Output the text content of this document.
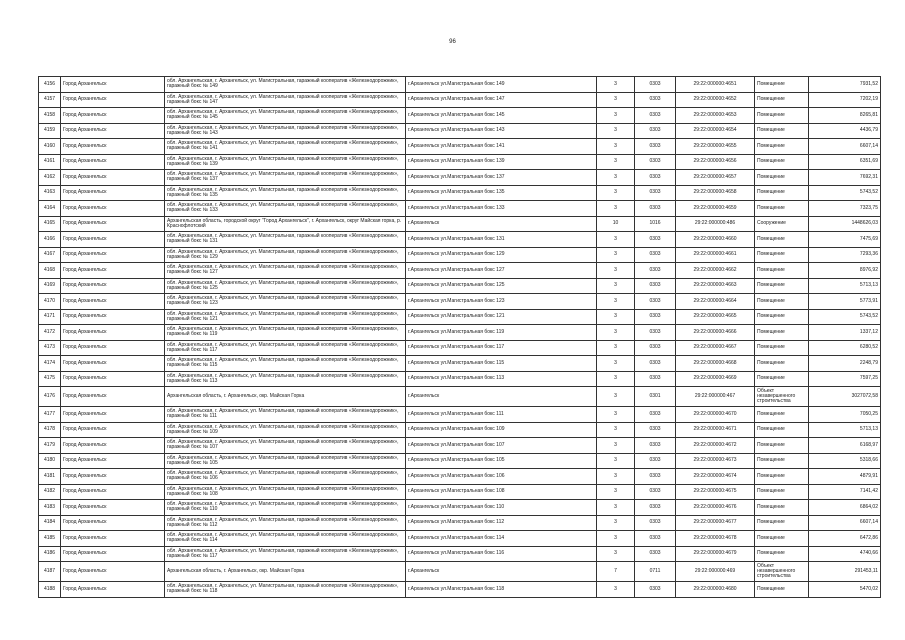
96
4156	Город Архангельск	обл. Архангельская, г. Архангельск, ул. Магистральная, гаражный кооператив «Железнодорожник», гаражный бокс № 149	г.Архангельск ул.Магистральная бокс 149	3	0303	29:22:000000:4651	Помещение	7931,52
4157	Город Архангельск	обл. Архангельская, г. Архангельск, ул. Магистральная, гаражный кооператив «Железнодорожник», гаражный бокс № 147	г.Архангельск ул.Магистральная бокс 147	3	0303	29:22:000000:4652	Помещение	7202,19
4158	Город Архангельск	обл. Архангельская, г. Архангельск, ул. Магистральная, гаражный кооператив «Железнодорожник», гаражный бокс № 145	г.Архангельск ул.Магистральная бокс 145	3	0303	29:22:000000:4653	Помещение	8265,81
4159	Город Архангельск	обл. Архангельская, г. Архангельск, ул. Магистральная, гаражный кооператив «Железнодорожник», гаражный бокс № 143	г.Архангельск ул.Магистральная бокс 143	3	0303	29:22:000000:4654	Помещение	4436,79
4160	Город Архангельск	обл. Архангельская, г. Архангельск, ул. Магистральная, гаражный кооператив «Железнодорожник», гаражный бокс № 141	г.Архангельск ул.Магистральная бокс 141	3	0303	29:22:000000:4655	Помещение	6607,14
4161	Город Архангельск	обл. Архангельская, г. Архангельск, ул. Магистральная, гаражный кооператив «Железнодорожник», гаражный бокс № 139	г.Архангельск ул.Магистральная бокс 139	3	0303	29:22:000000:4656	Помещение	6351,69
4162	Город Архангельск	обл. Архангельская, г. Архангельск, ул. Магистральная, гаражный кооператив «Железнодорожник», гаражный бокс № 137	г.Архангельск ул.Магистральная бокс 137	3	0303	29:22:000000:4657	Помещение	7692,31
4163	Город Архангельск	обл. Архангельская, г. Архангельск, ул. Магистральная, гаражный кооператив «Железнодорожник», гаражный бокс № 135	г.Архангельск ул.Магистральная бокс 135	3	0303	29:22:000000:4658	Помещение	5743,52
4164	Город Архангельск	обл. Архангельская, г. Архангельск, ул. Магистральная, гаражный кооператив «Железнодорожник», гаражный бокс № 133	г.Архангельск ул.Магистральная бокс 133	3	0303	29:22:000000:4659	Помещение	7323,75
4165	Город Архангельск	Архангельская область, городской округ "Город Архангельск", г. Архангельск, округ Майская горка, р. Краснофлотский	г.Архангельск	10	1016	29:22:000000:486	Сооружение	1448626,03
4166	Город Архангельск	обл. Архангельская, г. Архангельск, ул. Магистральная, гаражный кооператив «Железнодорожник», гаражный бокс № 131	г.Архангельск ул.Магистральная бокс 131	3	0303	29:22:000000:4660	Помещение	7475,69
4167	Город Архангельск	обл. Архангельская, г. Архангельск, ул. Магистральная, гаражный кооператив «Железнодорожник», гаражный бокс № 129	г.Архангельск ул.Магистральная бокс 129	3	0303	29:22:000000:4661	Помещение	7293,36
4168	Город Архангельск	обл. Архангельская, г. Архангельск, ул. Магистральная, гаражный кооператив «Железнодорожник», гаражный бокс № 127	г.Архангельск ул.Магистральная бокс 127	3	0303	29:22:000000:4662	Помещение	8976,92
4169	Город Архангельск	обл. Архангельская, г. Архангельск, ул. Магистральная, гаражный кооператив «Железнодорожник», гаражный бокс № 125	г.Архангельск ул.Магистральная бокс 125	3	0303	29:22:000000:4663	Помещение	5713,13
4170	Город Архангельск	обл. Архангельская, г. Архангельск, ул. Магистральная, гаражный кооператив «Железнодорожник», гаражный бокс № 123	г.Архангельск ул.Магистральная бокс 123	3	0303	29:22:000000:4664	Помещение	5773,91
4171	Город Архангельск	обл. Архангельская, г. Архангельск, ул. Магистральная, гаражный кооператив «Железнодорожник», гаражный бокс № 121	г.Архангельск ул.Магистральная бокс 121	3	0303	29:22:000000:4665	Помещение	5743,52
4172	Город Архангельск	обл. Архангельская, г. Архангельск, ул. Магистральная, гаражный кооператив «Железнодорожник», гаражный бокс № 119	г.Архангельск ул.Магистральная бокс 119	3	0303	29:22:000000:4666	Помещение	1337,12
4173	Город Архангельск	обл. Архангельская, г. Архангельск, ул. Магистральная, гаражный кооператив «Железнодорожник», гаражный бокс № 117	г.Архангельск ул.Магистральная бокс 117	3	0303	29:22:000000:4667	Помещение	6280,52
4174	Город Архангельск	обл. Архангельская, г. Архангельск, ул. Магистральная, гаражный кооператив «Железнодорожник», гаражный бокс № 115	г.Архангельск ул.Магистральная бокс 115	3	0303	29:22:000000:4668	Помещение	2248,79
4175	Город Архангельск	обл. Архангельская, г. Архангельск, ул. Магистральная, гаражный кооператив «Железнодорожник», гаражный бокс № 113	г.Архангельск ул.Магистральная бокс 113	3	0303	29:22:000000:4669	Помещение	7597,25
4176	Город Архангельск	Архангельская область, г. Архангельск, окр. Майская Горка	г.Архангельск	3	0301	29:22:000000:467	Объект незавершенного строительства	3027072,58
4177	Город Архангельск	обл. Архангельская, г. Архангельск, ул. Магистральная, гаражный кооператив «Железнодорожник», гаражный бокс № 111	г.Архангельск ул.Магистральная бокс 111	3	0303	29:22:000000:4670	Помещение	7050,25
4178	Город Архангельск	обл. Архангельская, г. Архангельск, ул. Магистральная, гаражный кооператив «Железнодорожник», гаражный бокс № 109	г.Архангельск ул.Магистральная бокс 109	3	0303	29:22:000000:4671	Помещение	5713,13
4179	Город Архангельск	обл. Архангельская, г. Архангельск, ул. Магистральная, гаражный кооператив «Железнодорожник», гаражный бокс № 107	г.Архангельск ул.Магистральная бокс 107	3	0303	29:22:000000:4672	Помещение	6168,97
4180	Город Архангельск	обл. Архангельская, г. Архангельск, ул. Магистральная, гаражный кооператив «Железнодорожник», гаражный бокс № 105	г.Архангельск ул.Магистральная бокс 105	3	0303	29:22:000000:4673	Помещение	5318,66
4181	Город Архангельск	обл. Архангельская, г. Архангельск, ул. Магистральная, гаражный кооператив «Железнодорожник», гаражный бокс № 106	г.Архангельск ул.Магистральная бокс 106	3	0303	29:22:000000:4674	Помещение	4879,91
4182	Город Архангельск	обл. Архангельская, г. Архангельск, ул. Магистральная, гаражный кооператив «Железнодорожник», гаражный бокс № 108	г.Архангельск ул.Магистральная бокс 108	3	0303	29:22:000000:4675	Помещение	7141,42
4183	Город Архангельск	обл. Архангельская, г. Архангельск, ул. Магистральная, гаражный кооператив «Железнодорожник», гаражный бокс № 110	г.Архангельск ул.Магистральная бокс 110	3	0303	29:22:000000:4676	Помещение	6864,02
4184	Город Архангельск	обл. Архангельская, г. Архангельск, ул. Магистральная, гаражный кооператив «Железнодорожник», гаражный бокс № 112	г.Архангельск ул.Магистральная бокс 112	3	0303	29:22:000000:4677	Помещение	6607,14
4185	Город Архангельск	обл. Архангельская, г. Архангельск, ул. Магистральная, гаражный кооператив «Железнодорожник», гаражный бокс № 114	г.Архангельск ул.Магистральная бокс 114	3	0303	29:22:000000:4678	Помещение	6472,86
4186	Город Архангельск	обл. Архангельская, г. Архангельск, ул. Магистральная, гаражный кооператив «Железнодорожник», гаражный бокс № 117	г.Архангельск ул.Магистральная бокс 116	3	0303	29:22:000000:4679	Помещение	4740,66
4187	Город Архангельск	Архангельская область, г. Архангельск, окр. Майская Горка	г.Архангельск	7	0711	29:22:000000:469	Объект незавершенного строительства	291453,11
4188	Город Архангельск	обл. Архангельская, г. Архангельск, ул. Магистральная, гаражный кооператив «Железнодорожник», гаражный бокс № 118	г.Архангельск ул.Магистральная бокс 118	3	0303	29:22:000000:4680	Помещение	5470,02
